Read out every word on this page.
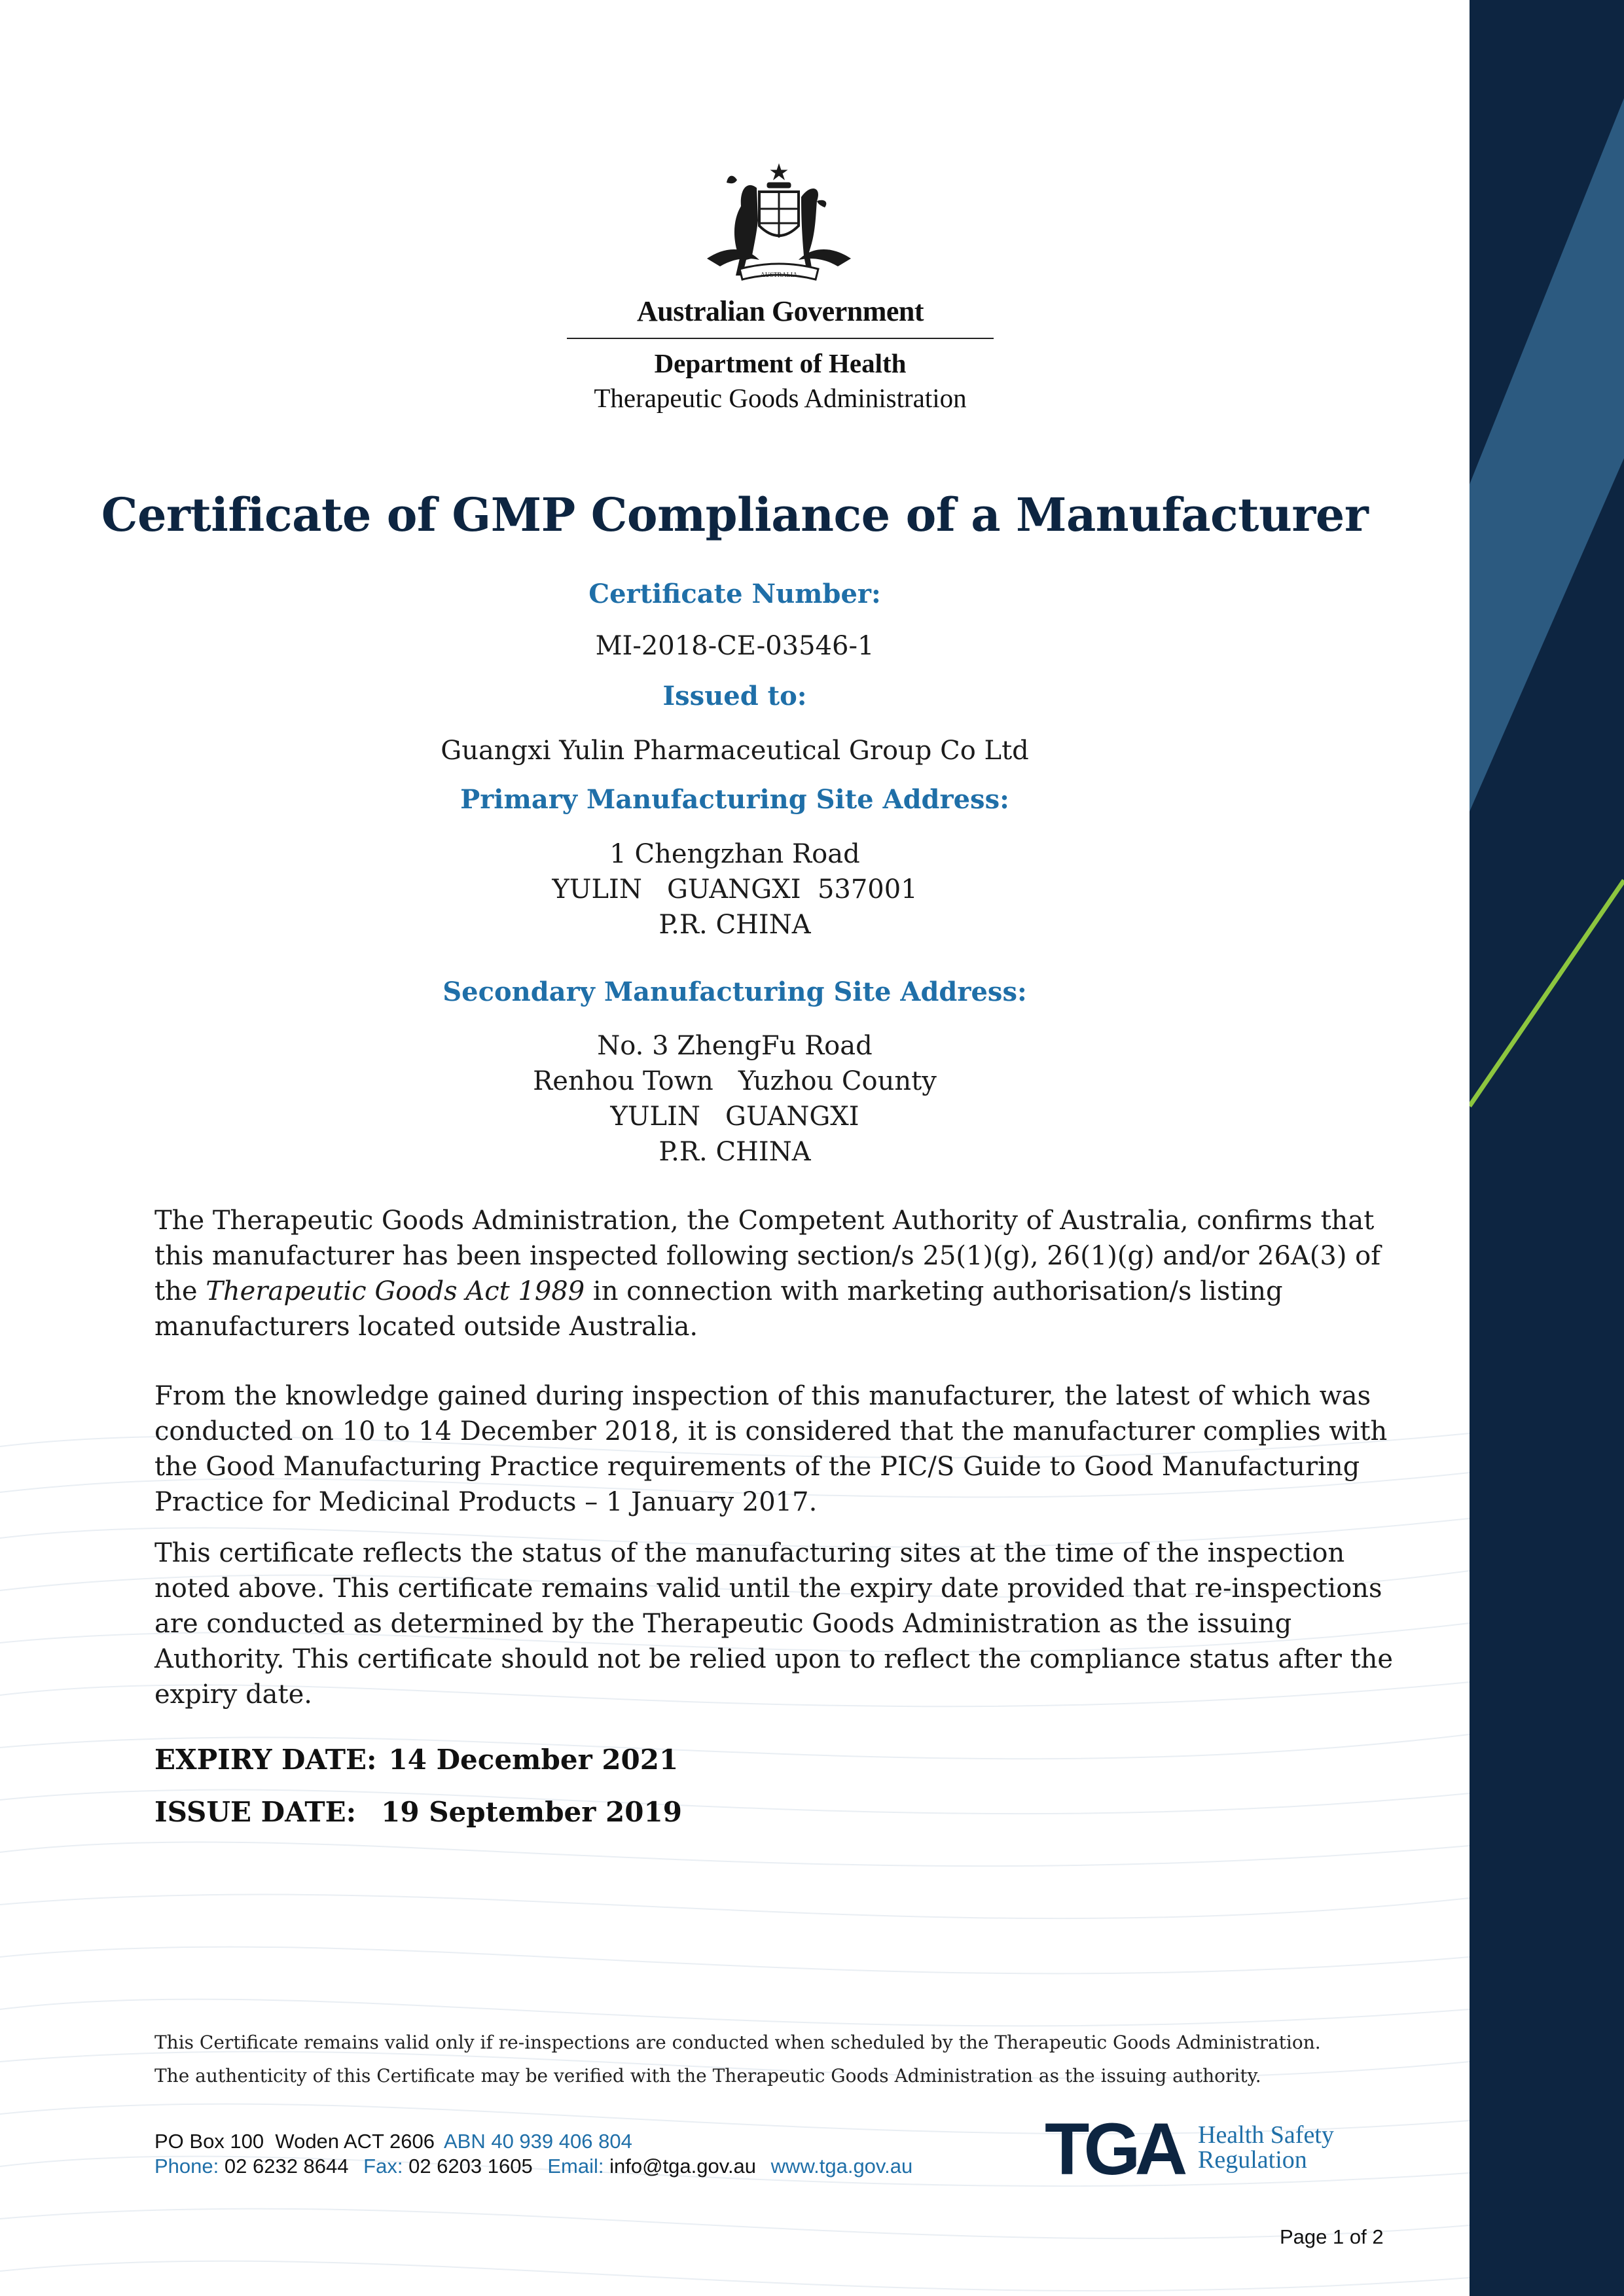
AUSTRALIA
Australian Government
Department of Health
Therapeutic Goods Administration
Certificate of GMP Compliance of a Manufacturer
Certificate Number:
MI-2018-CE-03546-1
Issued to:
Guangxi Yulin Pharmaceutical Group Co Ltd
Primary Manufacturing Site Address:
1 Chengzhan Road
YULIN   GUANGXI  537001
P.R. CHINA
Secondary Manufacturing Site Address:
No. 3 ZhengFu Road
Renhou Town   Yuzhou County
YULIN   GUANGXI
P.R. CHINA
The Therapeutic Goods Administration, the Competent Authority of Australia, confirms that this manufacturer has been inspected following section/s 25(1)(g), 26(1)(g) and/or 26A(3) of the Therapeutic Goods Act 1989 in connection with marketing authorisation/s listing manufacturers located outside Australia.
From the knowledge gained during inspection of this manufacturer, the latest of which was conducted on 10 to 14 December 2018, it is considered that the manufacturer complies with the Good Manufacturing Practice requirements of the PIC/S Guide to Good Manufacturing Practice for Medicinal Products – 1 January 2017.
This certificate reflects the status of the manufacturing sites at the time of the inspection noted above. This certificate remains valid until the expiry date provided that re-inspections are conducted as determined by the Therapeutic Goods Administration as the issuing Authority. This certificate should not be relied upon to reflect the compliance status after the expiry date.
EXPIRY DATE: 14 December 2021
ISSUE DATE: 19 September 2019
This Certificate remains valid only if re-inspections are conducted when scheduled by the Therapeutic Goods Administration.
The authenticity of this Certificate may be verified with the Therapeutic Goods Administration as the issuing authority.
PO Box 100  Woden ACT 2606 ABN 40 939 406 804
Phone: 02 6232 8644 Fax: 02 6203 1605 Email: info@tga.gov.au www.tga.gov.au TGA Health Safety
Regulation
Page 1 of 2
